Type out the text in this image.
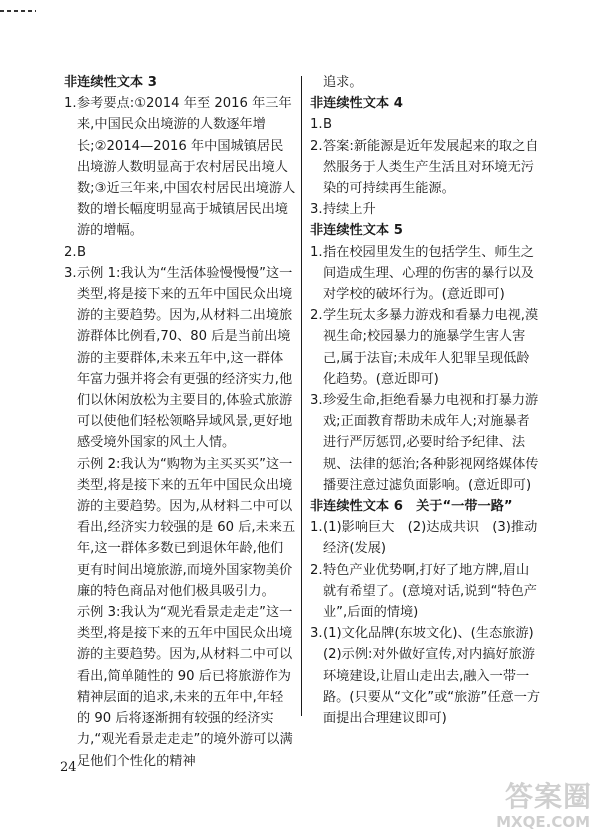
非连续性文本 3

1. 参考要点:①2014 年至 2016 年三年来,中国民众出境游的人数逐年增长;②2014—2016 年中国城镇居民出境游人数明显高于农村居民出境人数;③近三年来,中国农村居民出境游人数的增长幅度明显高于城镇居民出境游的增幅。
2. B
3. 示例 1:我认为“生活体验慢慢慢”这一类型,将是接下来的五年中国民众出境游的主要趋势。因为,从材料二出境旅游群体比例看,70、80 后是当前出境游的主要群体,未来五年中,这一群体年富力强并将会有更强的经济实力,他们以休闲放松为主要目的,体验式旅游可以使他们轻松领略异域风景,更好地感受境外国家的风土人情。

示例 2:我认为“购物为主买买买”这一类型,将是接下来的五年中国民众出境游的主要趋势。因为,从材料二中可以看出,经济实力较强的是 60 后,未来五年,这一群体多数已到退休年龄,他们更有时间出境旅游,而境外国家物美价廉的特色商品对他们极具吸引力。

示例 3:我认为“观光看景走走走”这一类型,将是接下来的五年中国民众出境游的主要趋势。因为,从材料二中可以看出,简单随性的 90 后已将旅游作为精神层面的追求,未来的五年中,年轻的 90 后将逐渐拥有较强的经济实力,“观光看景走走走”的境外游可以满足他们个性化的精神

追求。

非连续性文本 4

1. B
2. 答案:新能源是近年发展起来的取之自然服务于人类生产生活且对环境无污染的可持续再生能源。
3. 持续上升

非连续性文本 5

1. 指在校园里发生的包括学生、师生之间造成生理、心理的伤害的暴行以及对学校的破坏行为。(意近即可)
2. 学生玩太多暴力游戏和看暴力电视,漠视生命;校园暴力的施暴学生害人害己,属于法盲;未成年人犯罪呈现低龄化趋势。(意近即可)
3. 珍爱生命,拒绝看暴力电视和打暴力游戏;正面教育帮助未成年人;对施暴者进行严厉惩罚,必要时给予纪律、法规、法律的惩治;各种影视网络媒体传播要注意过滤负面影响。(意近即可)

非连续性文本 6　关于“一带一路”

1. (1)影响巨大　(2)达成共识　(3)推动经济(发展)
2. 特色产业优势啊,打好了地方牌,眉山就有希望了。(意境对话,说到“特色产业”,后面的情境)
3. (1)文化品牌(东坡文化)、(生态旅游)

(2)示例:对外做好宣传,对内搞好旅游环境建设,让眉山走出去,融入一带一路。(只要从“文化”或“旅游”任意一方面提出合理建议即可)

24
答案圈
MXQE.COM
